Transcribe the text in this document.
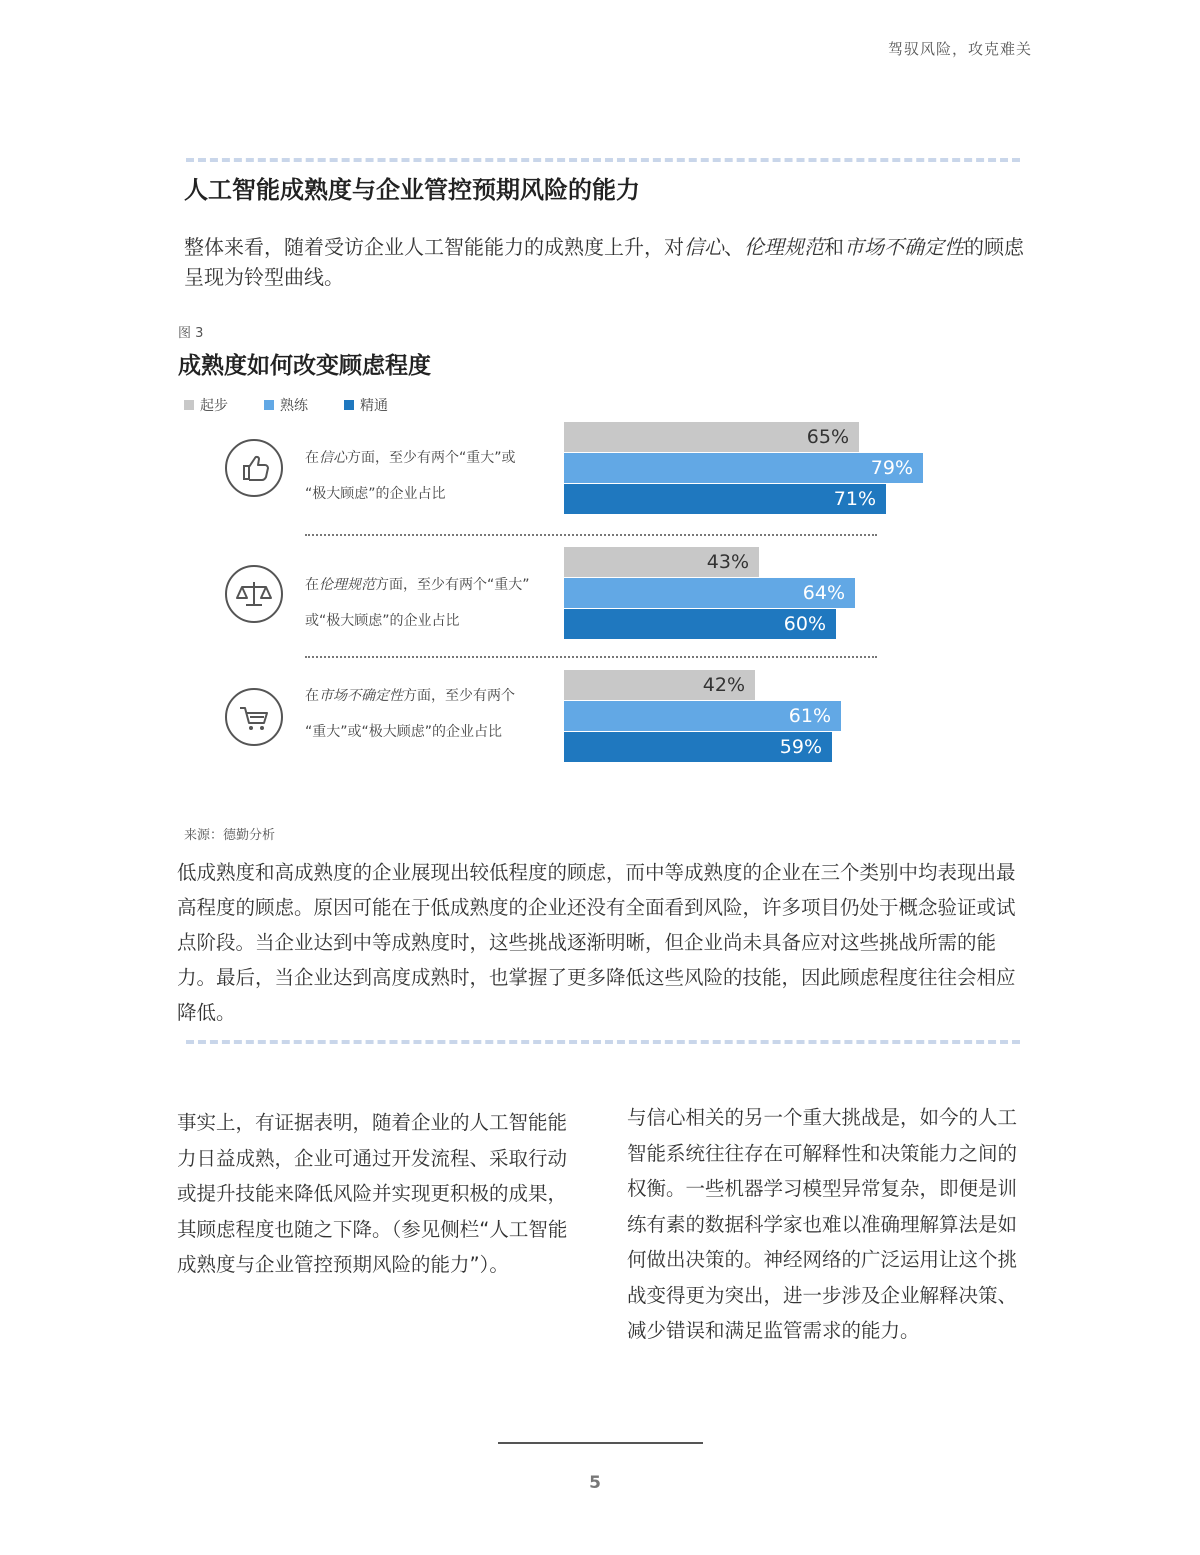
驾驭风险，攻克难关
人工智能成熟度与企业管控预期风险的能力
整体来看，随着受访企业人工智能能力的成熟度上升，对信心、伦理规范和市场不确定性的顾虑呈现为铃型曲线。
图 3
成熟度如何改变顾虑程度
起步	熟练	精通
在信心方面，至少有两个“重大”或
“极大顾虑”的企业占比
在伦理规范方面，至少有两个“重大”
或“极大顾虑”的企业占比
在市场不确定性方面，至少有两个
“重大”或“极大顾虑”的企业占比
65%
79%
71%
43%
64%
60%
42%
61%
59%
来源：德勤分析
低成熟度和高成熟度的企业展现出较低程度的顾虑，而中等成熟度的企业在三个类别中均表现出最高程度的顾虑。原因可能在于低成熟度的企业还没有全面看到风险，许多项目仍处于概念验证或试点阶段。当企业达到中等成熟度时，这些挑战逐渐明晰，但企业尚未具备应对这些挑战所需的能力。最后，当企业达到高度成熟时，也掌握了更多降低这些风险的技能，因此顾虑程度往往会相应降低。
事实上，有证据表明，随着企业的人工智能能力日益成熟，企业可通过开发流程、采取行动或提升技能来降低风险并实现更积极的成果，其顾虑程度也随之下降。（参见侧栏“人工智能成熟度与企业管控预期风险的能力”）。
与信心相关的另一个重大挑战是，如今的人工智能系统往往存在可解释性和决策能力之间的权衡。一些机器学习模型异常复杂，即便是训练有素的数据科学家也难以准确理解算法是如何做出决策的。神经网络的广泛运用让这个挑战变得更为突出，进一步涉及企业解释决策、减少错误和满足监管需求的能力。
5
